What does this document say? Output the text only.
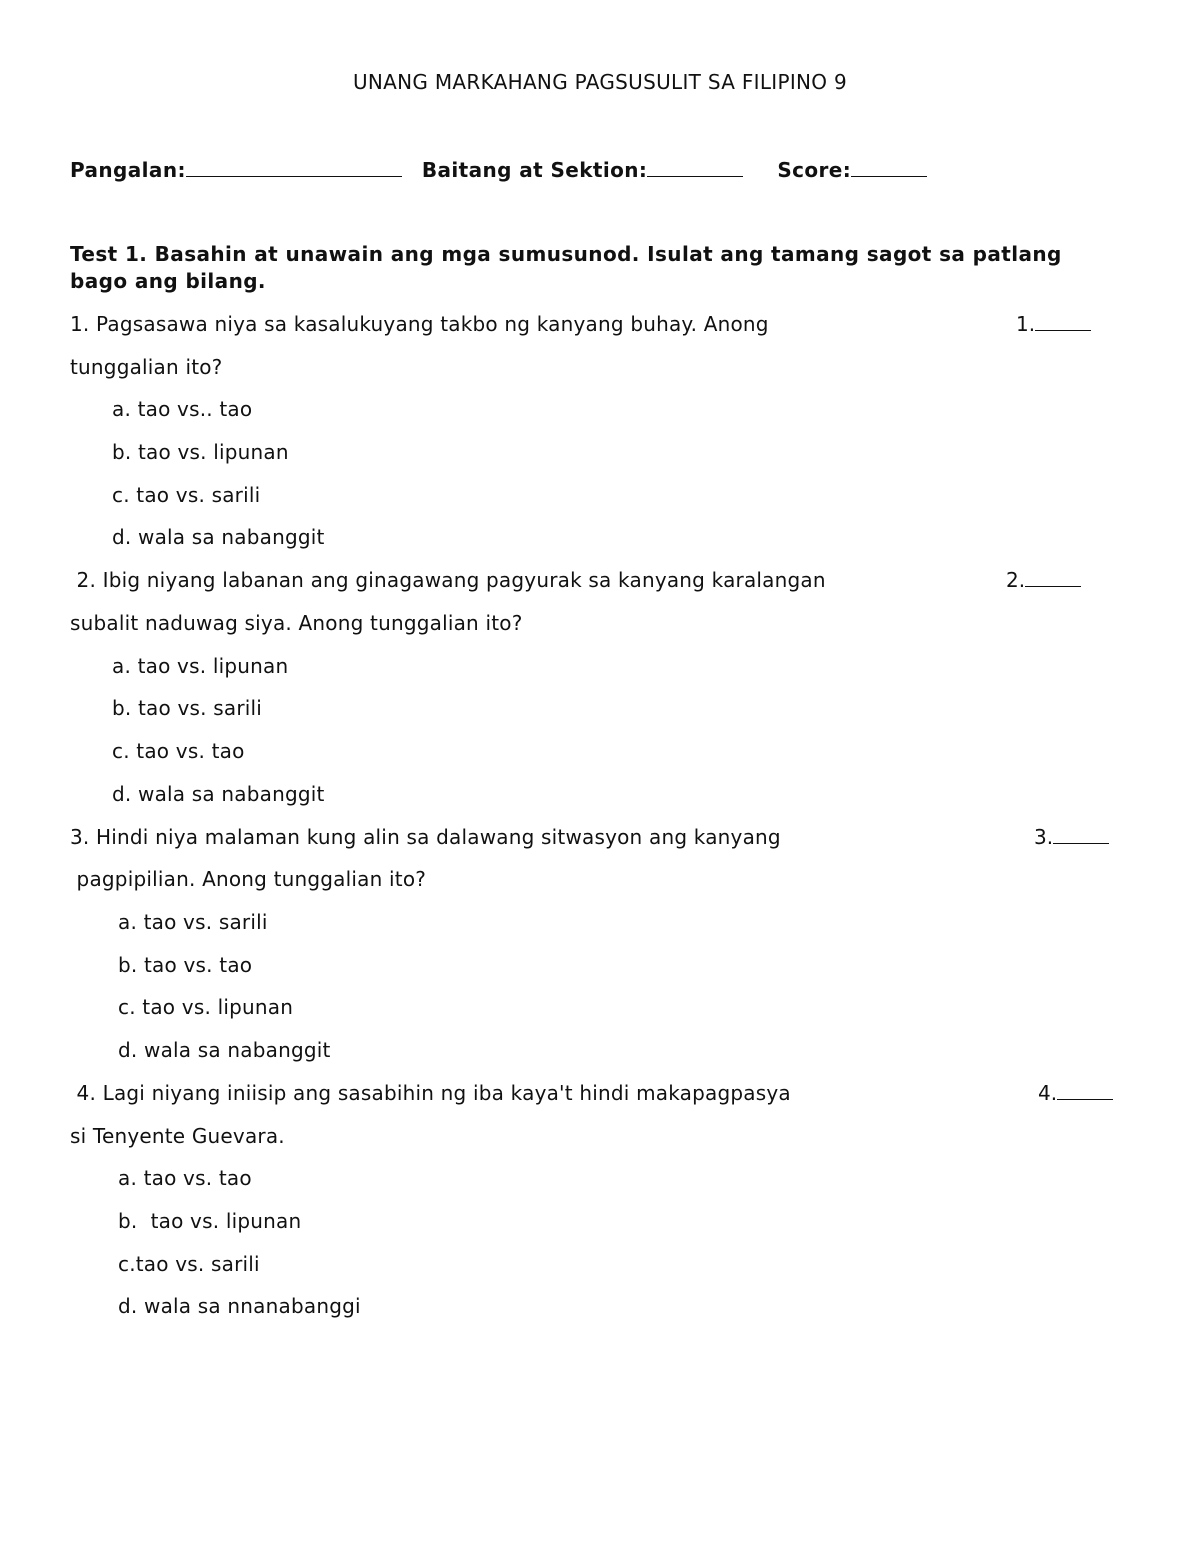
UNANG MARKAHANG PAGSUSULIT SA FILIPINO 9
Pangalan:	Baitang at Sektion:	Score:
Test 1. Basahin at unawain ang mga sumusunod. Isulat ang tamang sagot sa patlang bago ang bilang.
1. Pagsasawa niya sa kasalukuyang takbo ng kanyang buhay. Anong	1.
tunggalian ito?
a. tao vs.. tao
b. tao vs. lipunan
c. tao vs. sarili
d. wala sa nabanggit
2. Ibig niyang labanan ang ginagawang pagyurak sa kanyang karalangan	2.
subalit naduwag siya. Anong tunggalian ito?
a. tao vs. lipunan
b. tao vs. sarili
c. tao vs. tao
d. wala sa nabanggit
3. Hindi niya malaman kung alin sa dalawang sitwasyon ang kanyang	3.
pagpipilian. Anong tunggalian ito?
a. tao vs. sarili
b. tao vs. tao
c. tao vs. lipunan
d. wala sa nabanggit
4. Lagi niyang iniisip ang sasabihin ng iba kaya't hindi makapagpasya	4.
si Tenyente Guevara.
a. tao vs. tao
b.  tao vs. lipunan
c.tao vs. sarili
d. wala sa nnanabanggi
